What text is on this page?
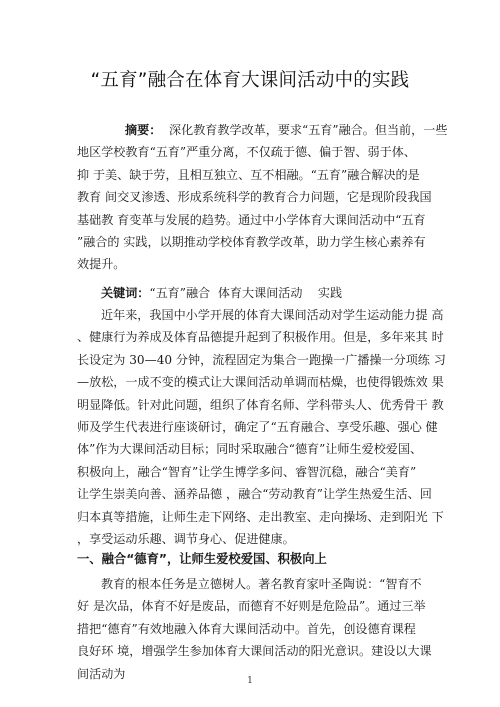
“五育”融合在体育大课间活动中的实践
摘要： 深化教育教学改革，要求“五育”融合。但当前，一些
地区学校教育“五育”严重分离，不仅疏于德、偏于智、弱于体、
抑 于美、缺于劳，且相互独立、互不相融。“五育”融合解决的是
教育 间交叉渗透、形成系统科学的教育合力问题，它是现阶段我国
基础教 育变革与发展的趋势。通过中小学体育大课间活动中“五育
”融合的 实践，以期推动学校体育教学改革，助力学生核心素养有
效提升。
关键词：“五育”融合  体育大课间活动    实践
近年来，我国中小学开展的体育大课间活动对学生运动能力提 高
、健康行为养成及体育品德提升起到了积极作用。但是，多年来其 时
长设定为 30—40 分钟，流程固定为集合一跑操一广播操一分项练 习
—放松，一成不变的模式让大课间活动单调而枯燥，也使得锻炼效 果
明显降低。针对此问题，组织了体育名师、学科带头人、优秀骨干 教
师及学生代表进行座谈研讨，确定了“五育融合、享受乐趣、强心 健
体”作为大课间活动目标；同时采取融合“德育”让师生爱校爱国、
积极向上，融合“智育”让学生博学多问、睿智沉稳，融合“美育”
让学生崇美向善、涵养品德 ，融合“劳动教育”让学生热爱生活、回
归本真等措施，让师生走下网络、走出教室、走向操场、走到阳光 下
，享受运动乐趣、调节身心、促进健康。
一、融合“德育”，让师生爱校爱国、积极向上
教育的根本任务是立德树人。著名教育家叶圣陶说：“智育不
好 是次品，体育不好是废品，而德育不好则是危险品”。通过三举
措把“德育”有效地融入体育大课间活动中。首先，创设德育课程
良好环 境，增强学生参加体育大课间活动的阳光意识。建设以大课
间活动为
1
